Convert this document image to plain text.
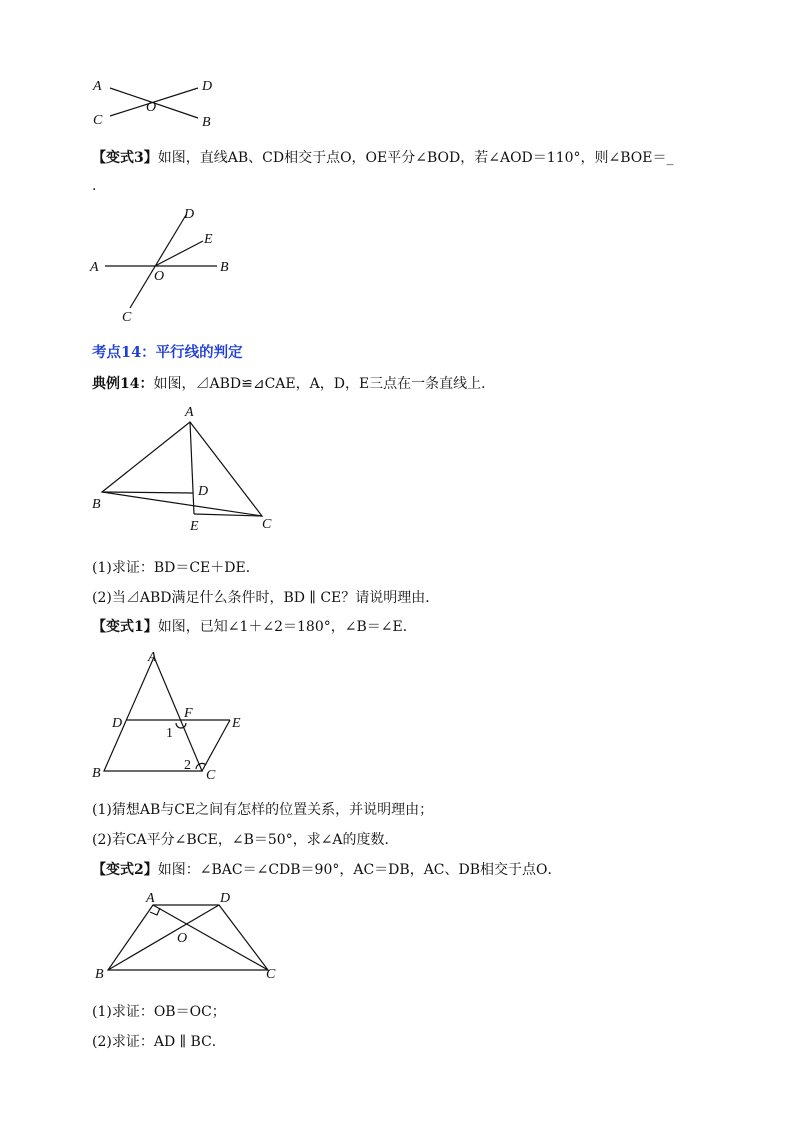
A	D
O
C	B
【变式3】如图，直线AB、CD相交于点O，OE平分∠BOD，若∠AOD＝110°，则∠BOE＝_
.
D
E
A
O
B
C
考点14：平行线的判定
典例14：如图，⊿ABD≌⊿CAE，A，D，E三点在一条直线上．
A
D
B
E	C
(1)求证：BD＝CE＋DE．
(2)当⊿ABD满足什么条件时，BD ∥ CE？请说明理由．
【变式1】如图，已知∠1＋∠2＝180°，∠B＝∠E．
A
D
F
E
1
2
B	C
(1)猜想AB与CE之间有怎样的位置关系，并说明理由；
(2)若CA平分∠BCE，∠B＝50°，求∠A的度数．
【变式2】如图：∠BAC＝∠CDB＝90°，AC＝DB，AC、DB相交于点O．
A	D
O
B	C
(1)求证：OB＝OC；
(2)求证：AD ∥ BC．
